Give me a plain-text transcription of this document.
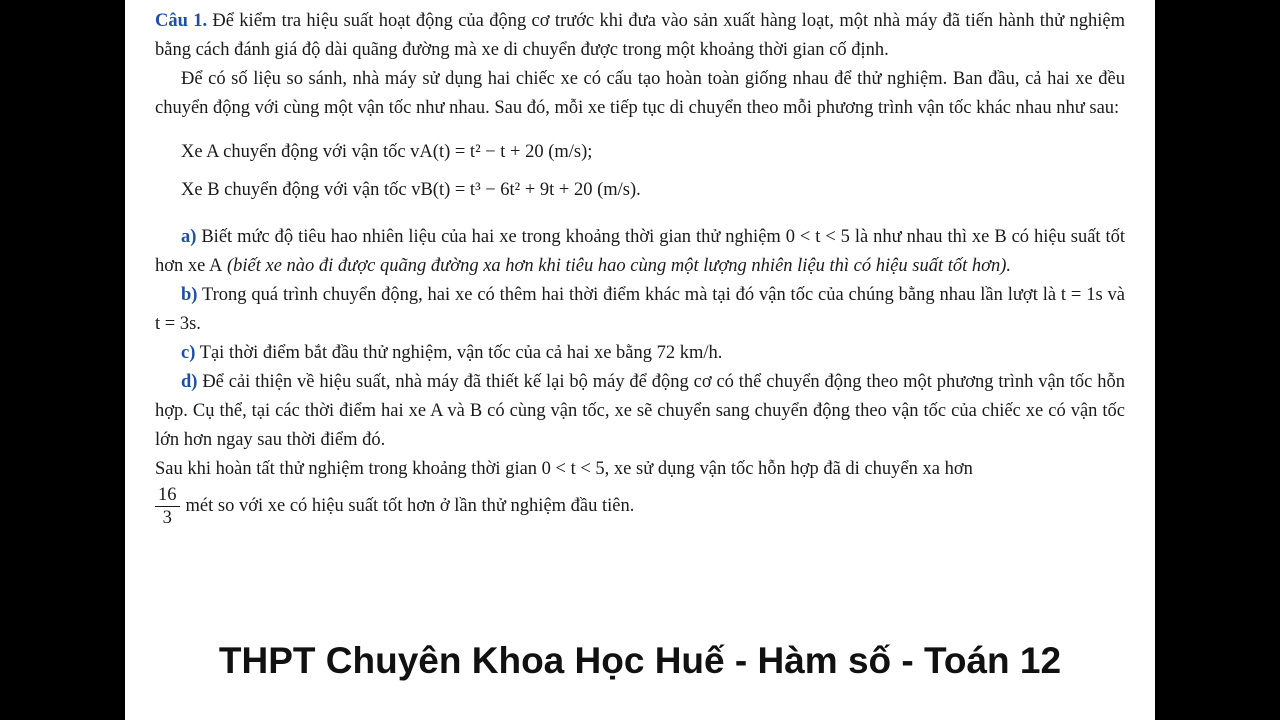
Câu 1. Để kiểm tra hiệu suất hoạt động của động cơ trước khi đưa vào sản xuất hàng loạt, một nhà máy đã tiến hành thử nghiệm bằng cách đánh giá độ dài quãng đường mà xe di chuyển được trong một khoảng thời gian cố định.

Để có số liệu so sánh, nhà máy sử dụng hai chiếc xe có cấu tạo hoàn toàn giống nhau để thử nghiệm. Ban đầu, cả hai xe đều chuyển động với cùng một vận tốc như nhau. Sau đó, mỗi xe tiếp tục di chuyển theo mỗi phương trình vận tốc khác nhau như sau:

Xe A chuyển động với vận tốc vA(t) = t² − t + 20 (m/s);

Xe B chuyển động với vận tốc vB(t) = t³ − 6t² + 9t + 20 (m/s).

a) Biết mức độ tiêu hao nhiên liệu của hai xe trong khoảng thời gian thử nghiệm 0 < t < 5 là như nhau thì xe B có hiệu suất tốt hơn xe A (biết xe nào đi được quãng đường xa hơn khi tiêu hao cùng một lượng nhiên liệu thì có hiệu suất tốt hơn).

b) Trong quá trình chuyển động, hai xe có thêm hai thời điểm khác mà tại đó vận tốc của chúng bằng nhau lần lượt là t = 1s và t = 3s.

c) Tại thời điểm bắt đầu thử nghiệm, vận tốc của cả hai xe bằng 72 km/h.

d) Để cải thiện về hiệu suất, nhà máy đã thiết kế lại bộ máy để động cơ có thể chuyển động theo một phương trình vận tốc hỗn hợp. Cụ thể, tại các thời điểm hai xe A và B có cùng vận tốc, xe sẽ chuyển sang chuyển động theo vận tốc của chiếc xe có vận tốc lớn hơn ngay sau thời điểm đó.

Sau khi hoàn tất thử nghiệm trong khoảng thời gian 0 < t < 5, xe sử dụng vận tốc hỗn hợp đã di chuyển xa hơn

$\frac{16}{3}$ mét so với xe có hiệu suất tốt hơn ở lần thử nghiệm đầu tiên.

THPT Chuyên Khoa Học Huế - Hàm số - Toán 12
